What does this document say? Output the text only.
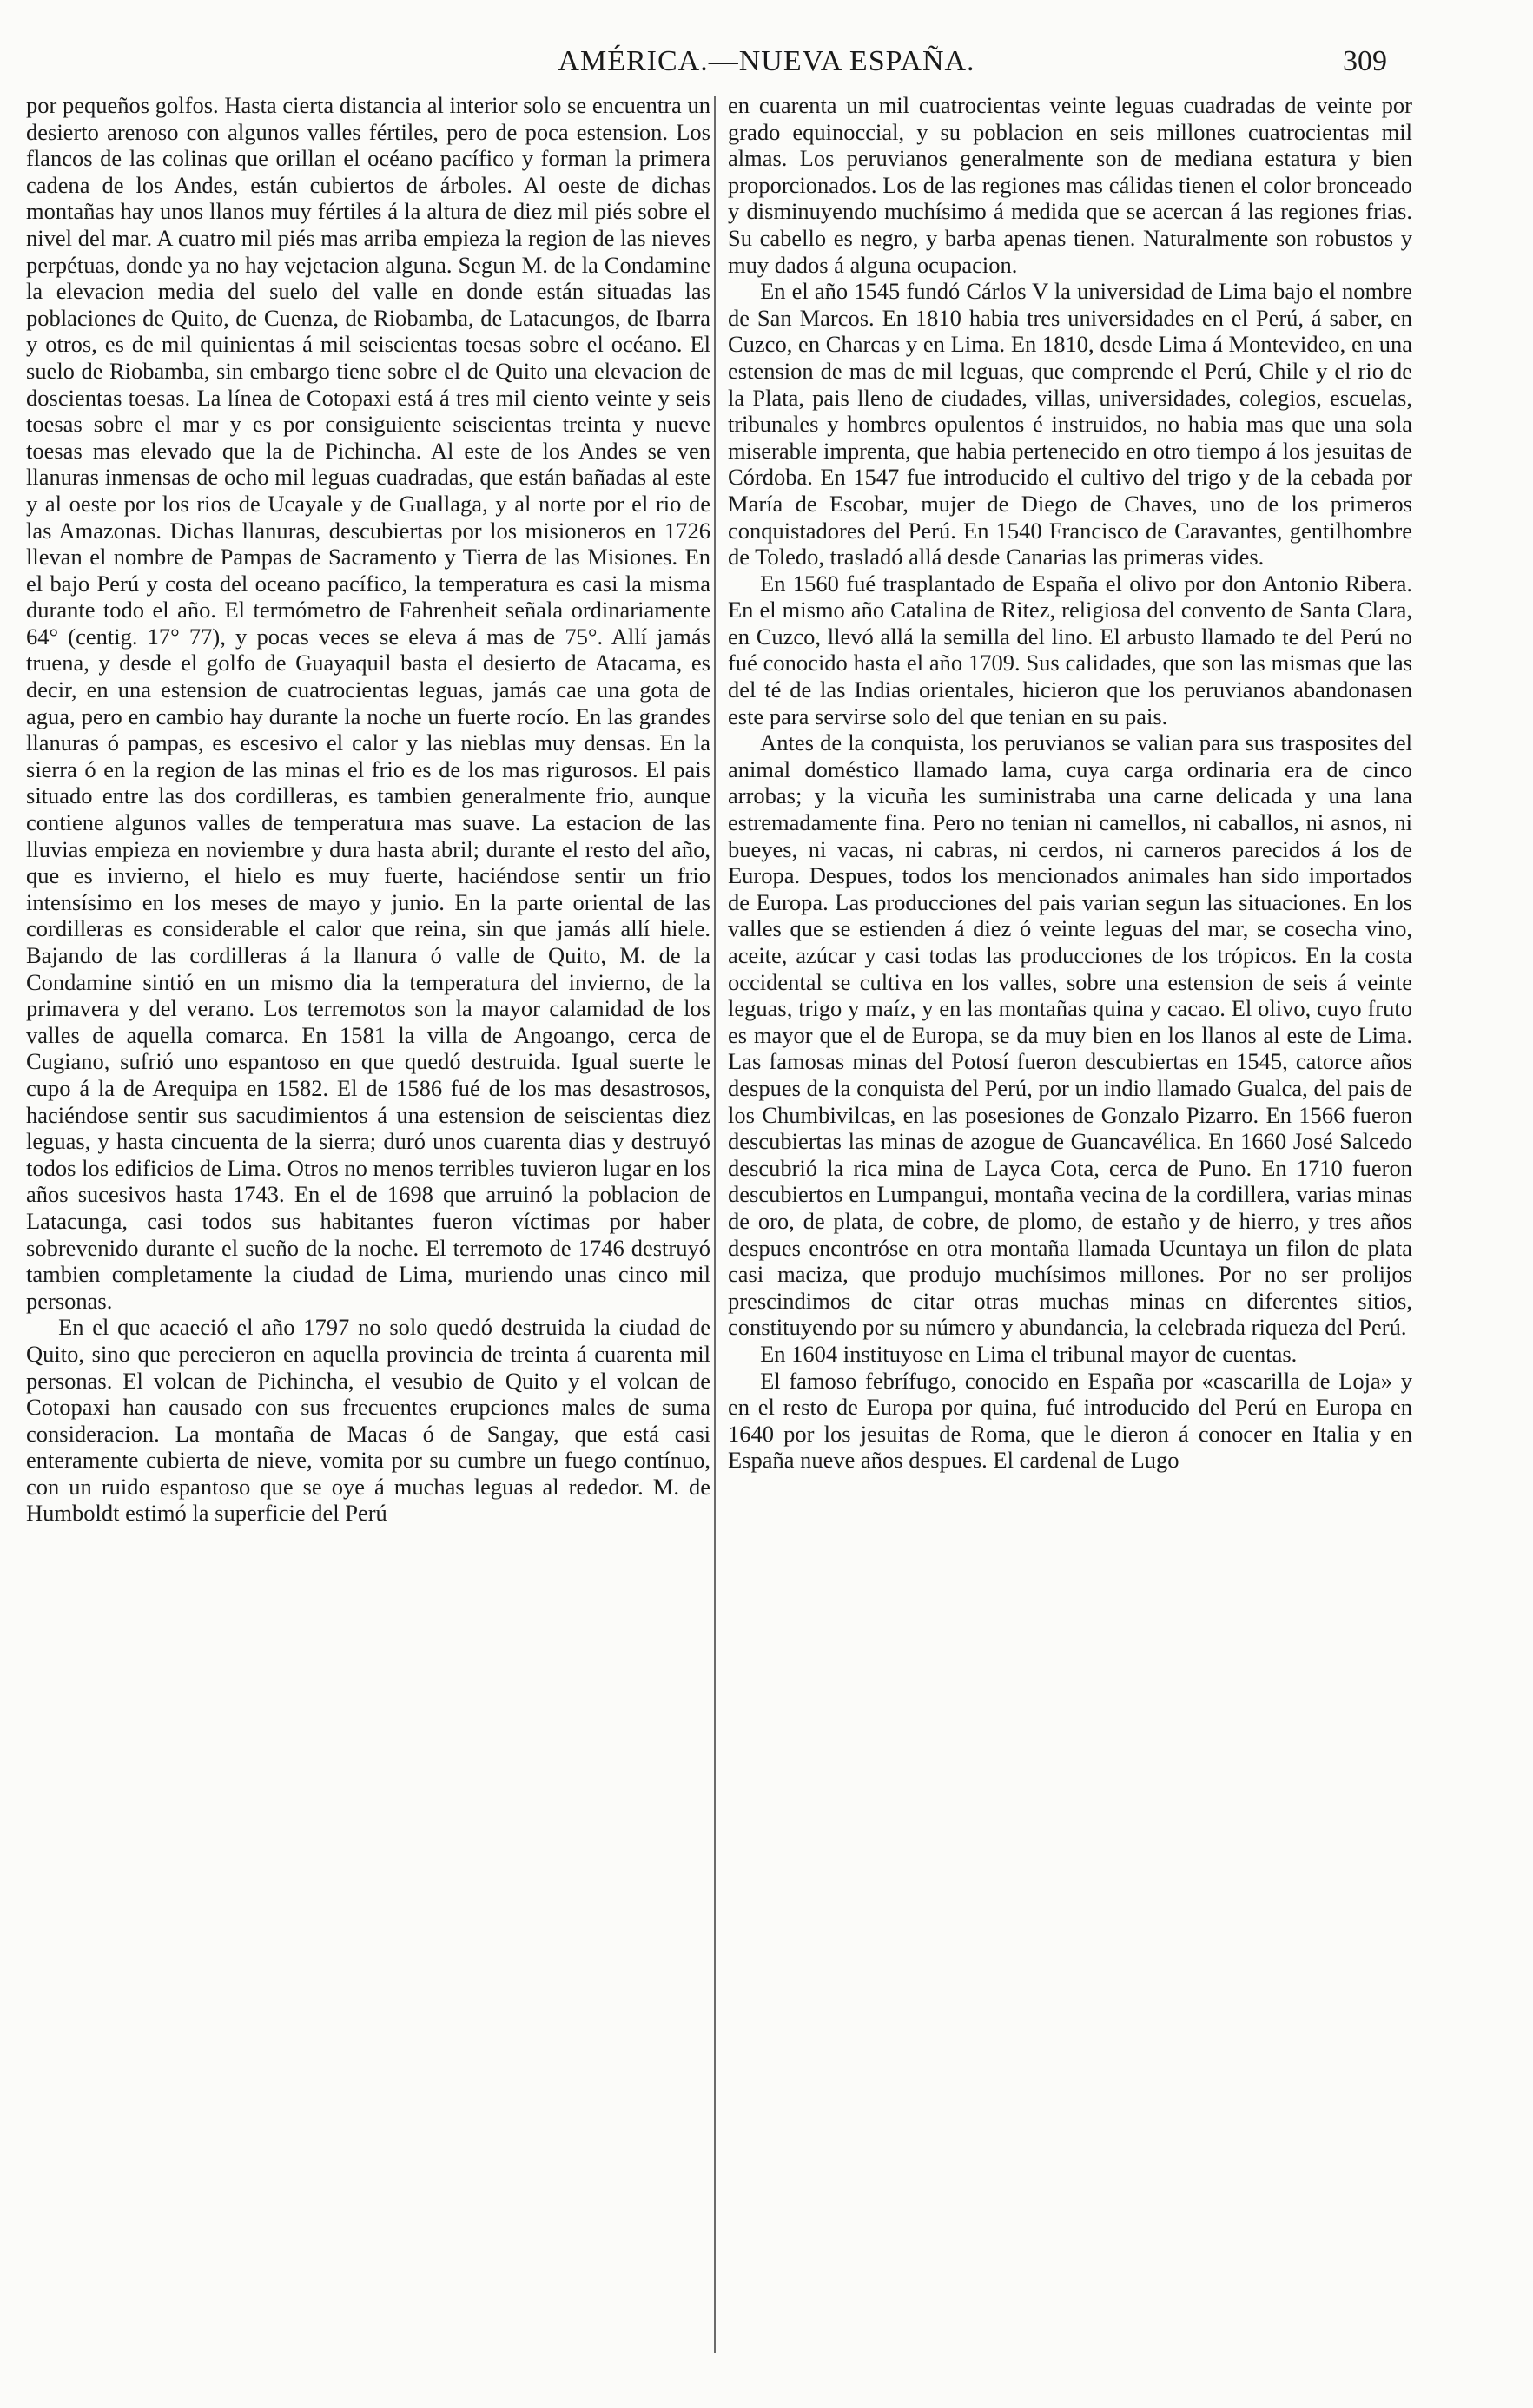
AMÉRICA.—NUEVA ESPAÑA.	309

por pequeños golfos. Hasta cierta distancia al interior solo se encuentra un desierto arenoso con algunos valles fértiles, pero de poca estension. Los flancos de las colinas que orillan el océano pacífico y forman la primera cadena de los Andes, están cubiertos de árboles. Al oeste de dichas montañas hay unos llanos muy fértiles á la altura de diez mil piés sobre el nivel del mar. A cuatro mil piés mas arriba empieza la region de las nieves perpétuas, donde ya no hay vejetacion alguna. Segun M. de la Condamine la elevacion media del suelo del valle en donde están situadas las poblaciones de Quito, de Cuenza, de Riobamba, de Latacungos, de Ibarra y otros, es de mil quinientas á mil seiscientas toesas sobre el océano. El suelo de Riobamba, sin embargo tiene sobre el de Quito una elevacion de doscientas toesas. La línea de Cotopaxi está á tres mil ciento veinte y seis toesas sobre el mar y es por consiguiente seiscientas treinta y nueve toesas mas elevado que la de Pichincha. Al este de los Andes se ven llanuras inmensas de ocho mil leguas cuadradas, que están bañadas al este y al oeste por los rios de Ucayale y de Guallaga, y al norte por el rio de las Amazonas. Dichas llanuras, descubiertas por los misioneros en 1726 llevan el nombre de Pampas de Sacramento y Tierra de las Misiones. En el bajo Perú y costa del oceano pacífico, la temperatura es casi la misma durante todo el año. El termómetro de Fahrenheit señala ordinariamente 64° (centig. 17° 77), y pocas veces se eleva á mas de 75°. Allí jamás truena, y desde el golfo de Guayaquil basta el desierto de Atacama, es decir, en una estension de cuatrocientas leguas, jamás cae una gota de agua, pero en cambio hay durante la noche un fuerte rocío. En las grandes llanuras ó pampas, es escesivo el calor y las nieblas muy densas. En la sierra ó en la region de las minas el frio es de los mas rigurosos. El pais situado entre las dos cordilleras, es tambien generalmente frio, aunque contiene algunos valles de temperatura mas suave. La estacion de las lluvias empieza en noviembre y dura hasta abril; durante el resto del año, que es invierno, el hielo es muy fuerte, haciéndose sentir un frio intensísimo en los meses de mayo y junio. En la parte oriental de las cordilleras es considerable el calor que reina, sin que jamás allí hiele. Bajando de las cordilleras á la llanura ó valle de Quito, M. de la Condamine sintió en un mismo dia la temperatura del invierno, de la primavera y del verano. Los terremotos son la mayor calamidad de los valles de aquella comarca. En 1581 la villa de Angoango, cerca de Cugiano, sufrió uno espantoso en que quedó destruida. Igual suerte le cupo á la de Arequipa en 1582. El de 1586 fué de los mas desastrosos, haciéndose sentir sus sacudimientos á una estension de seiscientas diez leguas, y hasta cincuenta de la sierra; duró unos cuarenta dias y destruyó todos los edificios de Lima. Otros no menos terribles tuvieron lugar en los años sucesivos hasta 1743. En el de 1698 que arruinó la poblacion de Latacunga, casi todos sus habitantes fueron víctimas por haber sobrevenido durante el sueño de la noche. El terremoto de 1746 destruyó tambien completamente la ciudad de Lima, muriendo unas cinco mil personas.

En el que acaeció el año 1797 no solo quedó destruida la ciudad de Quito, sino que perecieron en aquella provincia de treinta á cuarenta mil personas. El volcan de Pichincha, el vesubio de Quito y el volcan de Cotopaxi han causado con sus frecuentes erupciones males de suma consideracion. La montaña de Macas ó de Sangay, que está casi enteramente cubierta de nieve, vomita por su cumbre un fuego contínuo, con un ruido espantoso que se oye á muchas leguas al rededor. M. de Humboldt estimó la superficie del Perú

en cuarenta un mil cuatrocientas veinte leguas cuadradas de veinte por grado equinoccial, y su poblacion en seis millones cuatrocientas mil almas. Los peruvianos generalmente son de mediana estatura y bien proporcionados. Los de las regiones mas cálidas tienen el color bronceado y disminuyendo muchísimo á medida que se acercan á las regiones frias. Su cabello es negro, y barba apenas tienen. Naturalmente son robustos y muy dados á alguna ocupacion.

En el año 1545 fundó Cárlos V la universidad de Lima bajo el nombre de San Marcos. En 1810 habia tres universidades en el Perú, á saber, en Cuzco, en Charcas y en Lima. En 1810, desde Lima á Montevideo, en una estension de mas de mil leguas, que comprende el Perú, Chile y el rio de la Plata, pais lleno de ciudades, villas, universidades, colegios, escuelas, tribunales y hombres opulentos é instruidos, no habia mas que una sola miserable imprenta, que habia pertenecido en otro tiempo á los jesuitas de Córdoba. En 1547 fue introducido el cultivo del trigo y de la cebada por María de Escobar, mujer de Diego de Chaves, uno de los primeros conquistadores del Perú. En 1540 Francisco de Caravantes, gentilhombre de Toledo, trasladó allá desde Canarias las primeras vides.

En 1560 fué trasplantado de España el olivo por don Antonio Ribera. En el mismo año Catalina de Ritez, religiosa del convento de Santa Clara, en Cuzco, llevó allá la semilla del lino. El arbusto llamado te del Perú no fué conocido hasta el año 1709. Sus calidades, que son las mismas que las del té de las Indias orientales, hicieron que los peruvianos abandonasen este para servirse solo del que tenian en su pais.

Antes de la conquista, los peruvianos se valian para sus trasposites del animal doméstico llamado lama, cuya carga ordinaria era de cinco arrobas; y la vicuña les suministraba una carne delicada y una lana estremadamente fina. Pero no tenian ni camellos, ni caballos, ni asnos, ni bueyes, ni vacas, ni cabras, ni cerdos, ni carneros parecidos á los de Europa. Despues, todos los mencionados animales han sido importados de Europa. Las producciones del pais varian segun las situaciones. En los valles que se estienden á diez ó veinte leguas del mar, se cosecha vino, aceite, azúcar y casi todas las producciones de los trópicos. En la costa occidental se cultiva en los valles, sobre una estension de seis á veinte leguas, trigo y maíz, y en las montañas quina y cacao. El olivo, cuyo fruto es mayor que el de Europa, se da muy bien en los llanos al este de Lima. Las famosas minas del Potosí fueron descubiertas en 1545, catorce años despues de la conquista del Perú, por un indio llamado Gualca, del pais de los Chumbivilcas, en las posesiones de Gonzalo Pizarro. En 1566 fueron descubiertas las minas de azogue de Guancavélica. En 1660 José Salcedo descubrió la rica mina de Layca Cota, cerca de Puno. En 1710 fueron descubiertos en Lumpangui, montaña vecina de la cordillera, varias minas de oro, de plata, de cobre, de plomo, de estaño y de hierro, y tres años despues encontróse en otra montaña llamada Ucuntaya un filon de plata casi maciza, que produjo muchísimos millones. Por no ser prolijos prescindimos de citar otras muchas minas en diferentes sitios, constituyendo por su número y abundancia, la celebrada riqueza del Perú.

En 1604 instituyose en Lima el tribunal mayor de cuentas.

El famoso febrífugo, conocido en España por «cascarilla de Loja» y en el resto de Europa por quina, fué introducido del Perú en Europa en 1640 por los jesuitas de Roma, que le dieron á conocer en Italia y en España nueve años despues. El cardenal de Lugo
